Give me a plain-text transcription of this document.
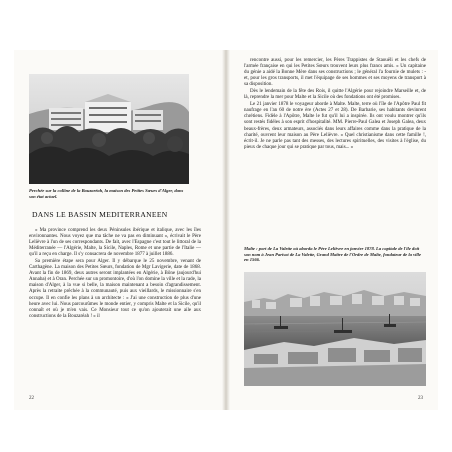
Perchée sur la colline de la Bouzaréah, la maison des Petites Sœurs d'Alger, dans son état actuel.
DANS LE BASSIN MEDITERRANEEN

« Ma province comprend les deux Péninsules ibérique et italique, avec les îles environnantes. Nous voyez que ma tâche ne va pas en diminuant », écrivait le Père Lelièvre à l'un de ses correspondants. De fait, avec l'Espagne c'est tout le littoral de la Méditerranée — l'Algérie, Malte, la Sicile, Naples, Rome et une partie de l'Italie — qu'il a reçu en charge. Il s'y consacrera de novembre 1877 à juillet 1886.

Sa première étape sera pour Alger. Il y débarque le 25 novembre, venant de Carthagène. La maison des Petites Sœurs, fondation de Mgr Lavigerie, date de 1868. Avant la fin de 1869, deux autres seront implantées en Algérie, à Bône (aujourd'hui Annaba) et à Oran. Perchée sur un promontoire, d'où l'on domine la ville et la rade, la maison d'Alger, à la vue si belle, la maison maintenant a besoin d'agrandissement. Après la retraite prêchée à la communauté, puis aux vieillards, le missionnaire s'en occupe. Il en confie les plans à un architecte : « J'ai une construction de plus d'une heure avec lui. Nous parcourûmes le monde entier, y compris Malte et la Sicile, qu'il connaît et où je m'en vais. Ce Monsieur tout ce qu'on ajouterait une aile aux constructions de la Bouzaréah ! » il

22

rencontre aussi, pour les remercier, les Pères Trappistes de Staouëli et les chefs de l'armée française en qui les Petites Sœurs trouvent leurs plus francs amis. « Un capitaine du génie a aidé la Bonne Mère dans ses constructions ; le général l'a fournie de mulets : - et, pour les gros transports, il met l'équipage de ses hommes et ses moyens de transport à sa disposition.

Dès le lendemain de la fête des Rois, il quitte l'Algérie pour rejoindre Marseille et, de là, reprendre la mer pour Malte et la Sicile où des fondations ont été promises.

Le 21 janvier 1878 le voyageur aborde à Malte. Malte, terre où l'île de l'Apôtre Paul fit naufrage en l'an 60 de notre ère (Actes 27 et 28). De Barbarie, ses habitants devinrent chrétiens. Fidèle à l'Apôtre, Malte le fut qu'il lui a inspirée. Ils ont voulu montrer qu'ils sont restés fidèles à son esprit d'hospitalité. MM. Pierre-Paul Galea et Joseph Galea, deux beaux-frères, deux armateurs, associés dans leurs affaires comme dans la pratique de la charité, ouvrent leur maison au Père Lelièvre. « Quel christianisme dans cette famille !, écrit-il. Je ne parle pas tant des messes, des lectures spirituelles, des visites à l'église, du pieux de chaque jour qui se pratique par tous, mais... »

Malte : port de La Valette où aborda le Père Lelièvre en janvier 1878. La capitale de l'île doit son nom à Jean Parisot de La Valette, Grand Maître de l'Ordre de Malte, fondateur de la ville en 1566.
23
